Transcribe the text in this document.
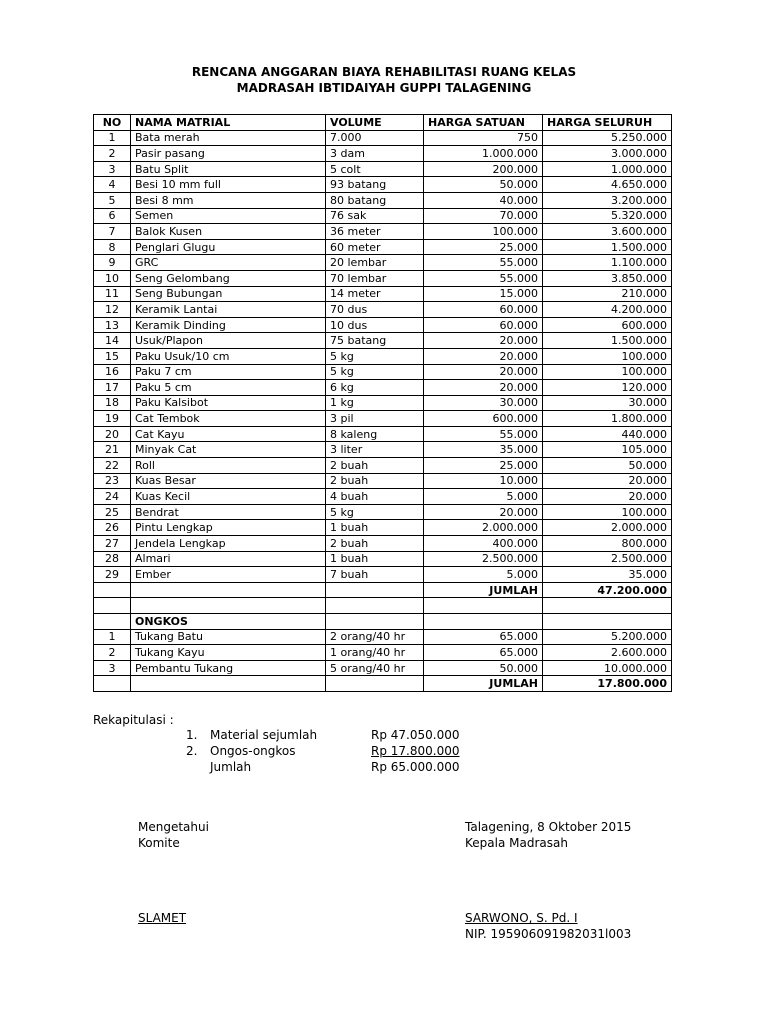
RENCANA ANGGARAN BIAYA REHABILITASI RUANG KELAS
MADRASAH IBTIDAIYAH GUPPI TALAGENING
NO	NAMA MATRIAL	VOLUME	HARGA SATUAN	HARGA SELURUH
1	Bata merah	7.000	750	5.250.000
2	Pasir pasang	3 dam	1.000.000	3.000.000
3	Batu Split	5 colt	200.000	1.000.000
4	Besi 10 mm full	93 batang	50.000	4.650.000
5	Besi 8 mm	80 batang	40.000	3.200.000
6	Semen	76 sak	70.000	5.320.000
7	Balok Kusen	36 meter	100.000	3.600.000
8	Penglari Glugu	60 meter	25.000	1.500.000
9	GRC	20 lembar	55.000	1.100.000
10	Seng Gelombang	70 lembar	55.000	3.850.000
11	Seng Bubungan	14 meter	15.000	210.000
12	Keramik Lantai	70 dus	60.000	4.200.000
13	Keramik Dinding	10 dus	60.000	600.000
14	Usuk/Plapon	75 batang	20.000	1.500.000
15	Paku Usuk/10 cm	5 kg	20.000	100.000
16	Paku 7 cm	5 kg	20.000	100.000
17	Paku 5 cm	6 kg	20.000	120.000
18	Paku Kalsibot	1 kg	30.000	30.000
19	Cat Tembok	3 pil	600.000	1.800.000
20	Cat Kayu	8 kaleng	55.000	440.000
21	Minyak Cat	3 liter	35.000	105.000
22	Roll	2 buah	25.000	50.000
23	Kuas Besar	2 buah	10.000	20.000
24	Kuas Kecil	4 buah	5.000	20.000
25	Bendrat	5 kg	20.000	100.000
26	Pintu Lengkap	1 buah	2.000.000	2.000.000
27	Jendela Lengkap	2 buah	400.000	800.000
28	Almari	1 buah	2.500.000	2.500.000
29	Ember	7 buah	5.000	35.000
			JUMLAH	47.200.000

	ONGKOS			
1	Tukang Batu	2 orang/40 hr	65.000	5.200.000
2	Tukang Kayu	1 orang/40 hr	65.000	2.600.000
3	Pembantu Tukang	5 orang/40 hr	50.000	10.000.000
			JUMLAH	17.800.000
Rekapitulasi :
1. Material sejumlah	Rp 47.050.000
2. Ongos-ongkos	Rp 17.800.000
Jumlah	Rp 65.000.000
Mengetahui
Komite
SLAMET
Talagening, 8 Oktober 2015
Kepala Madrasah
SARWONO, S. Pd. I
NIP. 195906091982031l003
